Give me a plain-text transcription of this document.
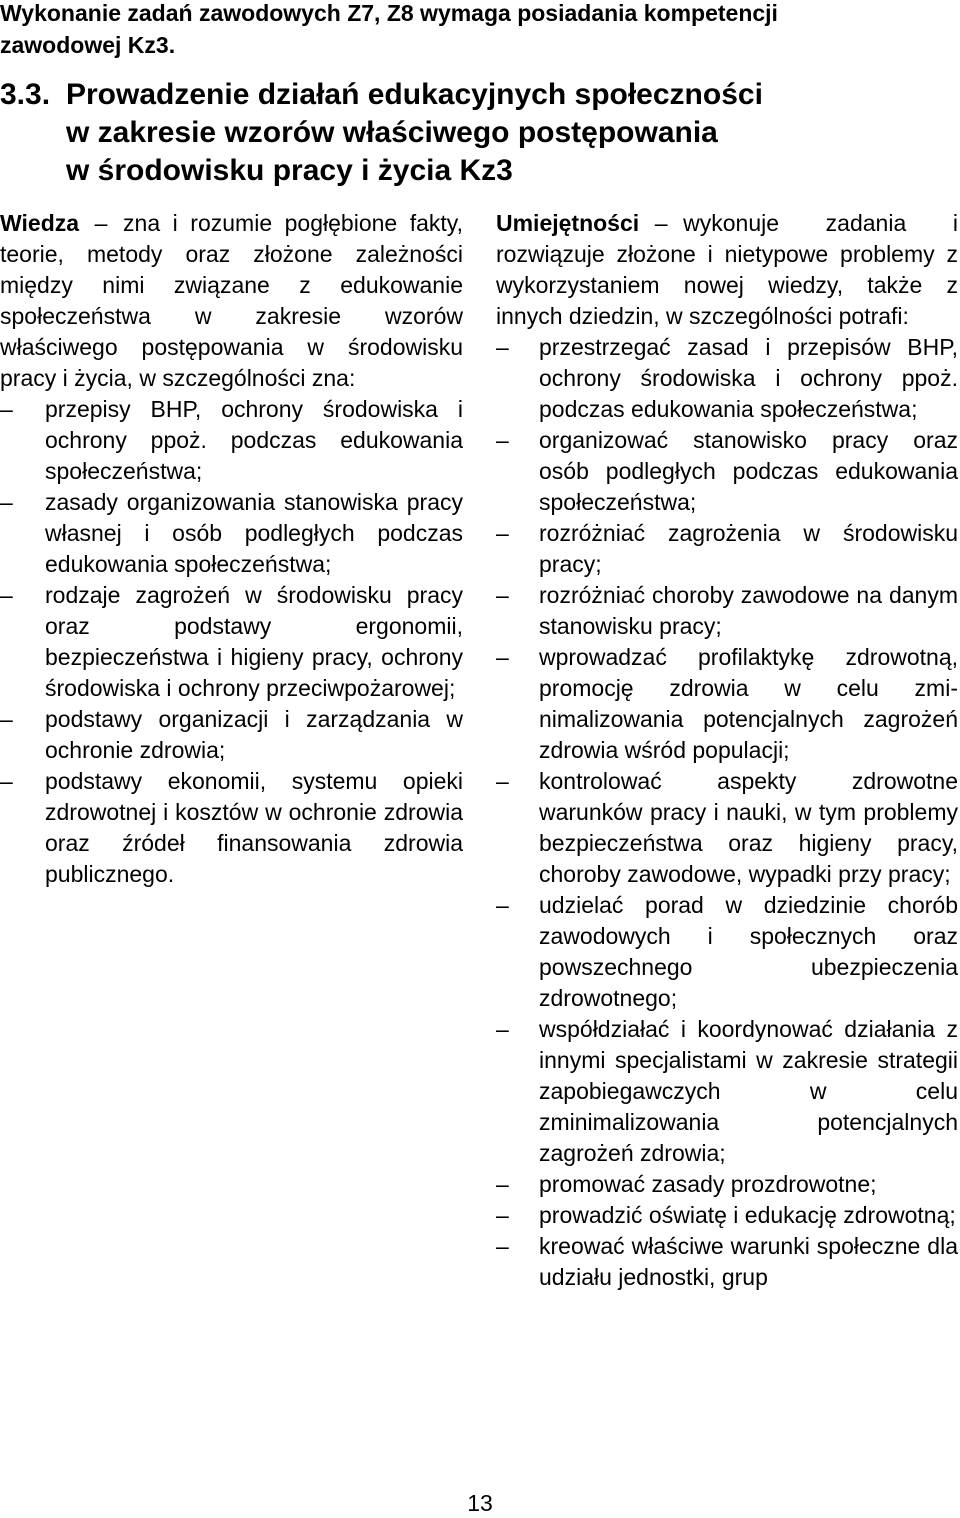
Wykonanie zadań zawodowych Z7, Z8 wymaga posiadania kompetencji
zawodowej Kz3.
3.3. Prowadzenie działań edukacyjnych społeczności
w zakresie wzorów właściwego postępowania
w środowisku pracy i życia Kz3

Wiedza – zna i rozumie pogłębione fakty, teorie, metody oraz złożone zależności między nimi związane z edukowanie społeczeństwa w zakresie wzorów właściwego postępowania w środowisku pracy i życia, w szczególności zna:

–	przepisy BHP, ochrony środowiska i ochrony ppoż. podczas edukowania społeczeństwa;
–	zasady organizowania stanowiska pracy własnej i osób podległych podczas edukowania społeczeństwa;
–	rodzaje zagrożeń w środowisku pracy oraz podstawy ergonomii, bezpieczeństwa i higieny pracy, ochrony środowiska i ochrony przeciwpożarowej;
–	podstawy organizacji i zarządzania w ochronie zdrowia;
–	podstawy ekonomii, systemu opieki zdrowotnej i kosztów w ochronie zdrowia oraz źródeł finansowania zdrowia publicznego.

Umiejętności – wykonuje zadania i rozwiązuje złożone i nietypowe problemy z wykorzystaniem nowej wiedzy, także z innych dziedzin, w szczególności potrafi:

–	przestrzegać zasad i przepisów BHP, ochrony środowiska i ochrony ppoż. podczas edukowania społeczeństwa;
–	organizować stanowisko pracy oraz osób podległych podczas edukowania społeczeństwa;
–	rozróżniać zagrożenia w środowisku pracy;
–	rozróżniać choroby zawodowe na danym stanowisku pracy;
–	wprowadzać profilaktykę zdrowotną, promocję zdrowia w celu zminimalizowania potencjalnych zagrożeń zdrowia wśród populacji;
–	kontrolować aspekty zdrowotne warunków pracy i nauki, w tym problemy bezpieczeństwa oraz higieny pracy, choroby zawodowe, wypadki przy pracy;
–	udzielać porad w dziedzinie chorób zawodowych i społecznych oraz powszechnego ubezpieczenia zdrowotnego;
–	współdziałać i koordynować działania z innymi specjalistami w zakresie strategii zapobiegawczych w celu zminimalizowania potencjalnych zagrożeń zdrowia;
–	promować zasady prozdrowotne;
–	prowadzić oświatę i edukację zdrowotną;
–	kreować właściwe warunki społeczne dla udziału jednostki, grup
13
